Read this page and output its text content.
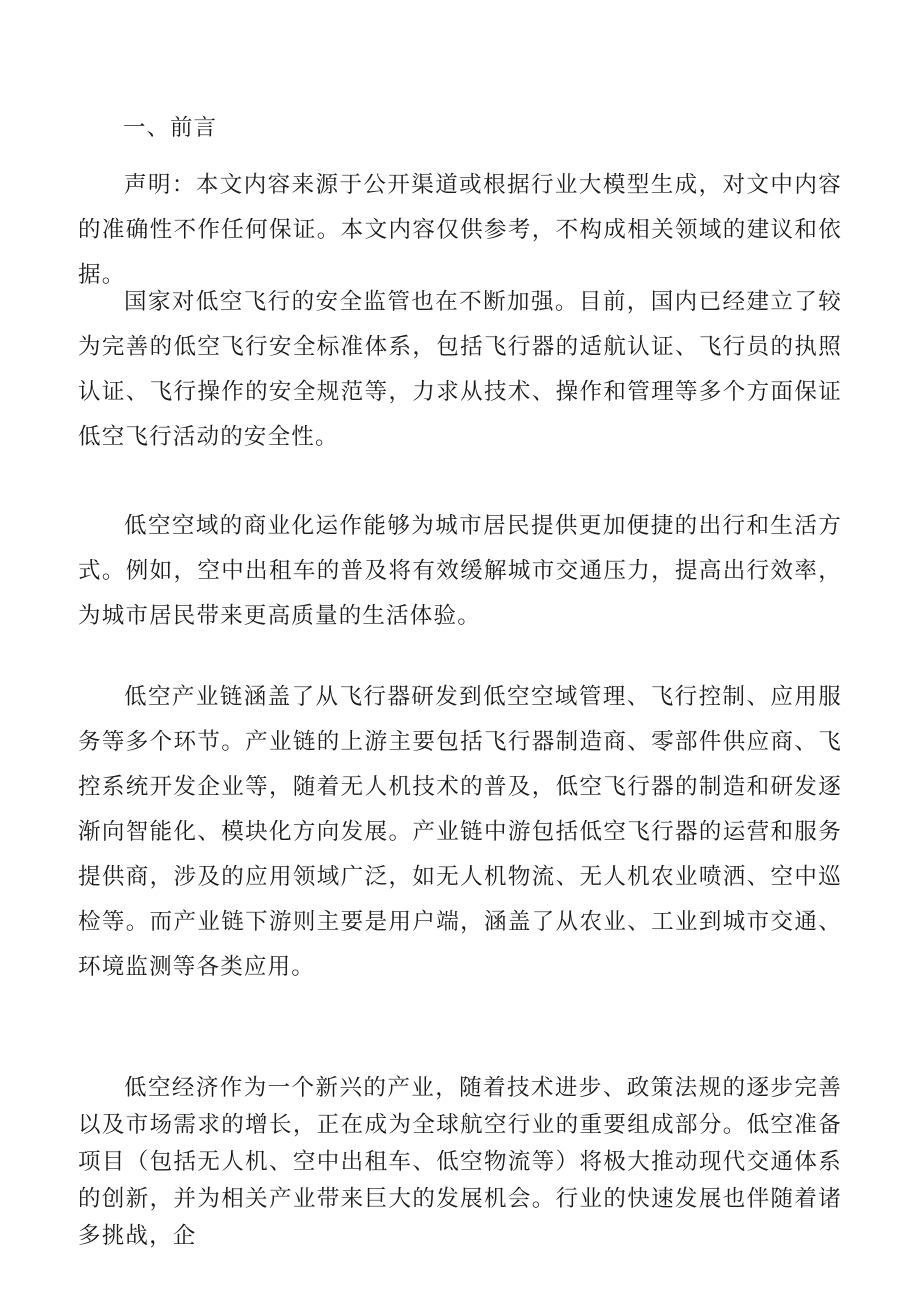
一、前言

声明：本文内容来源于公开渠道或根据行业大模型生成，对文中内容的准确性不作任何保证。本文内容仅供参考，不构成相关领域的建议和依据。

国家对低空飞行的安全监管也在不断加强。目前，国内已经建立了较为完善的低空飞行安全标准体系，包括飞行器的适航认证、飞行员的执照认证、飞行操作的安全规范等，力求从技术、操作和管理等多个方面保证低空飞行活动的安全性。

低空空域的商业化运作能够为城市居民提供更加便捷的出行和生活方式。例如，空中出租车的普及将有效缓解城市交通压力，提高出行效率，为城市居民带来更高质量的生活体验。

低空产业链涵盖了从飞行器研发到低空空域管理、飞行控制、应用服务等多个环节。产业链的上游主要包括飞行器制造商、零部件供应商、飞控系统开发企业等，随着无人机技术的普及，低空飞行器的制造和研发逐渐向智能化、模块化方向发展。产业链中游包括低空飞行器的运营和服务提供商，涉及的应用领域广泛，如无人机物流、无人机农业喷洒、空中巡检等。而产业链下游则主要是用户端，涵盖了从农业、工业到城市交通、环境监测等各类应用。

低空经济作为一个新兴的产业，随着技术进步、政策法规的逐步完善以及市场需求的增长，正在成为全球航空行业的重要组成部分。低空准备项目（包括无人机、空中出租车、低空物流等）将极大推动现代交通体系的创新，并为相关产业带来巨大的发展机会。行业的快速发展也伴随着诸多挑战，企
